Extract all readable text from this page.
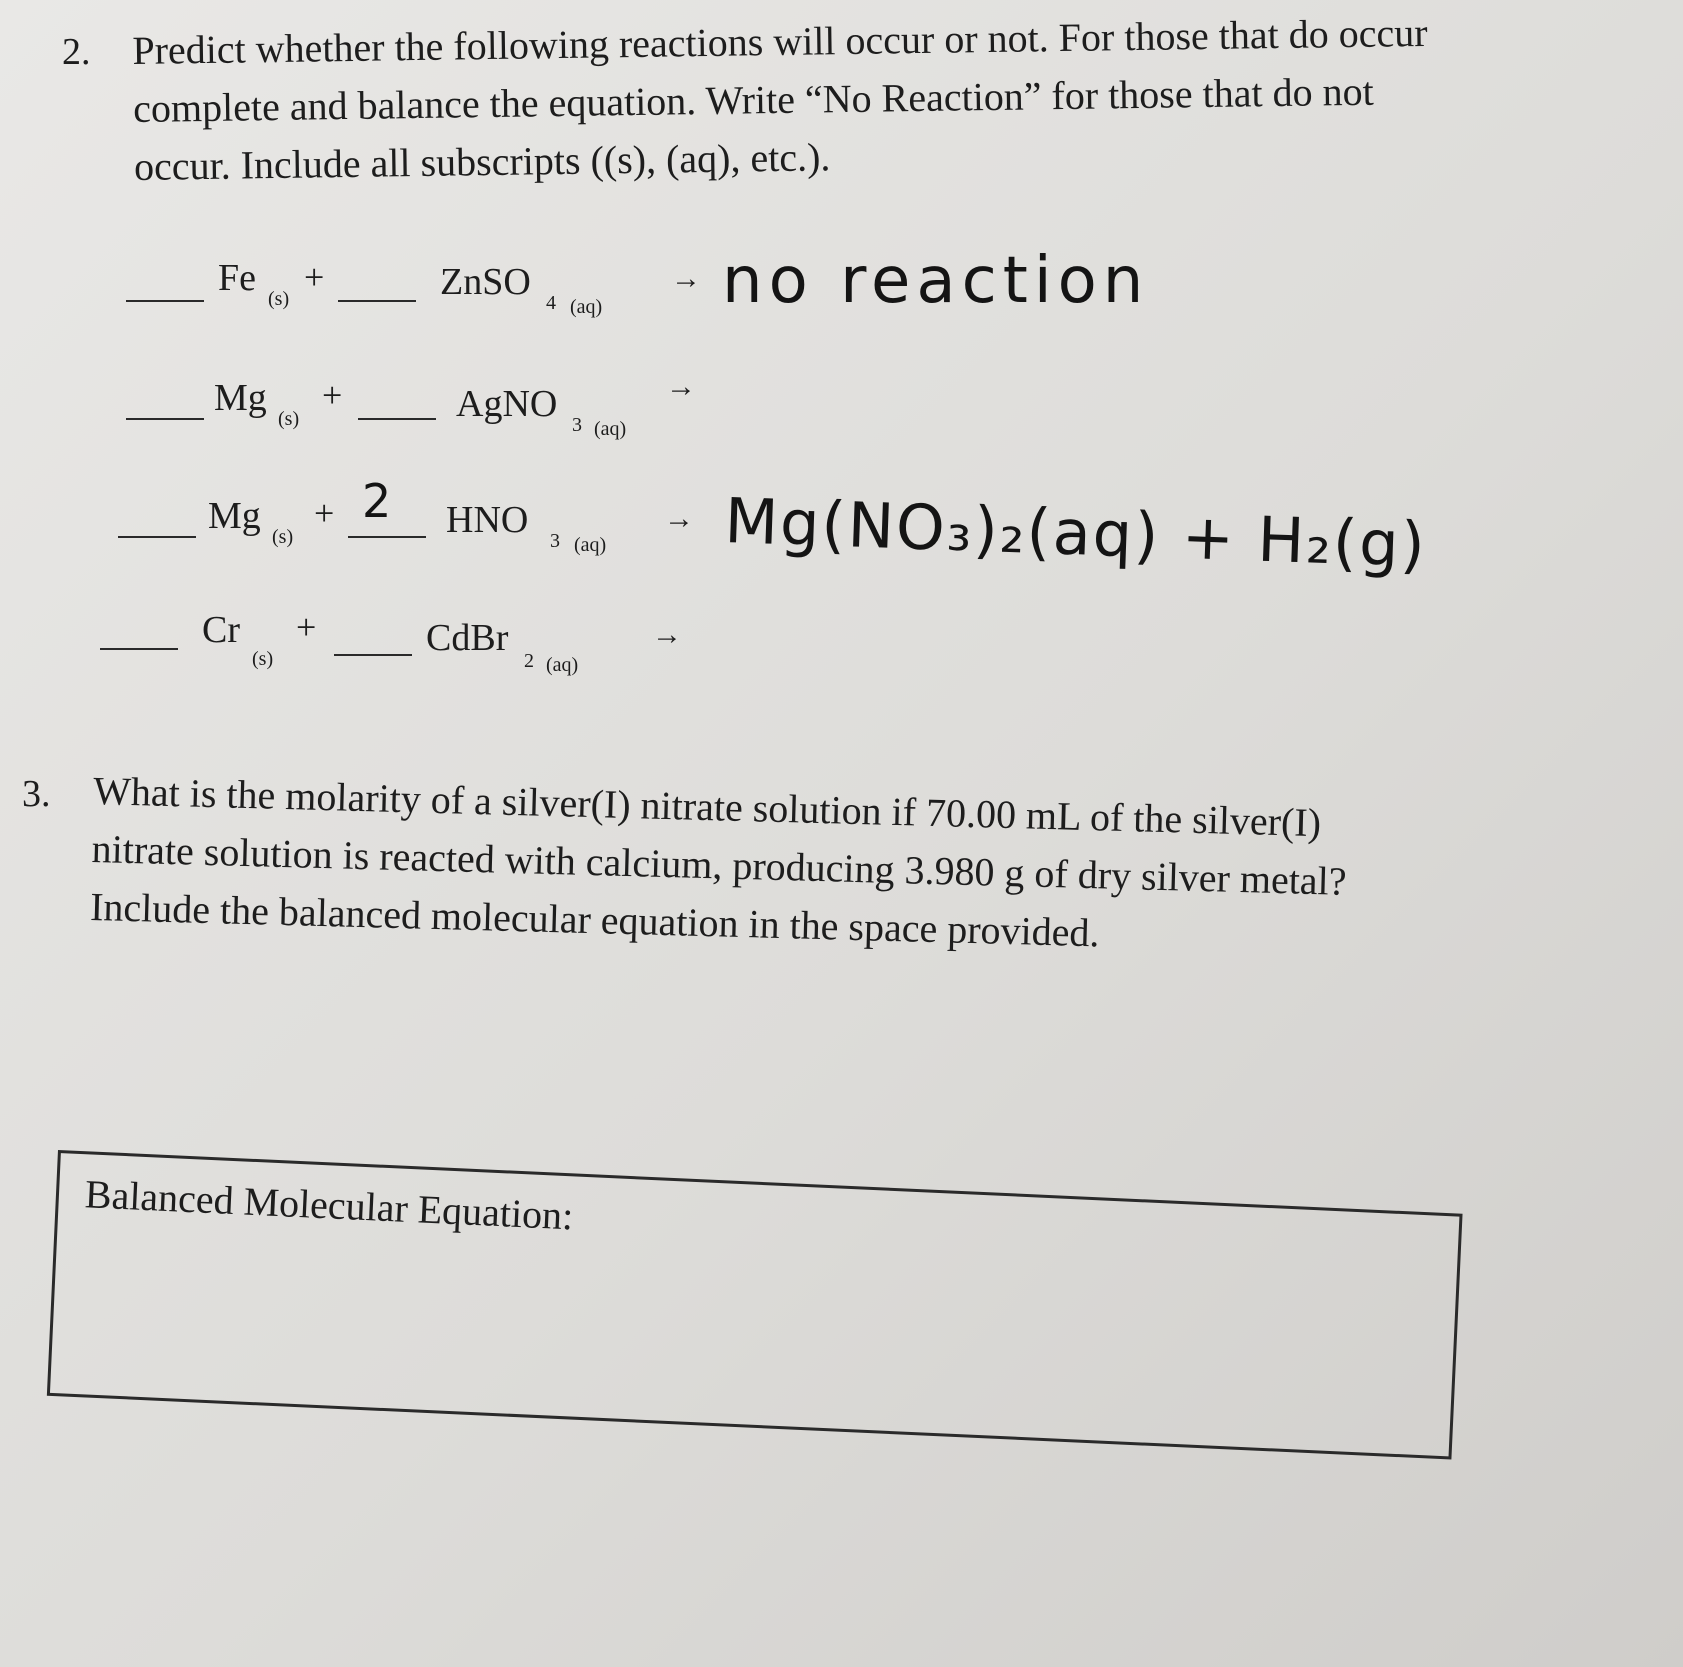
2. Predict whether the following reactions will occur or not. For those that do occur
complete and balance the equation. Write “No Reaction” for those that do not
occur. Include all subscripts ((s), (aq), etc.).
Fe (s)
+	ZnSO 4 (aq)
→ no reaction
Mg (s)
+	AgNO 3 (aq)
→
Mg (s)
+ 2 HNO 3 (aq)
→ Mg(NO₃)₂(aq) + H₂(g)
Cr
(s)
+	CdBr
2 (aq)
→
3. What is the molarity of a silver(I) nitrate solution if 70.00 mL of the silver(I)
nitrate solution is reacted with calcium, producing 3.980 g of dry silver metal?
Include the balanced molecular equation in the space provided.
Balanced Molecular Equation:
